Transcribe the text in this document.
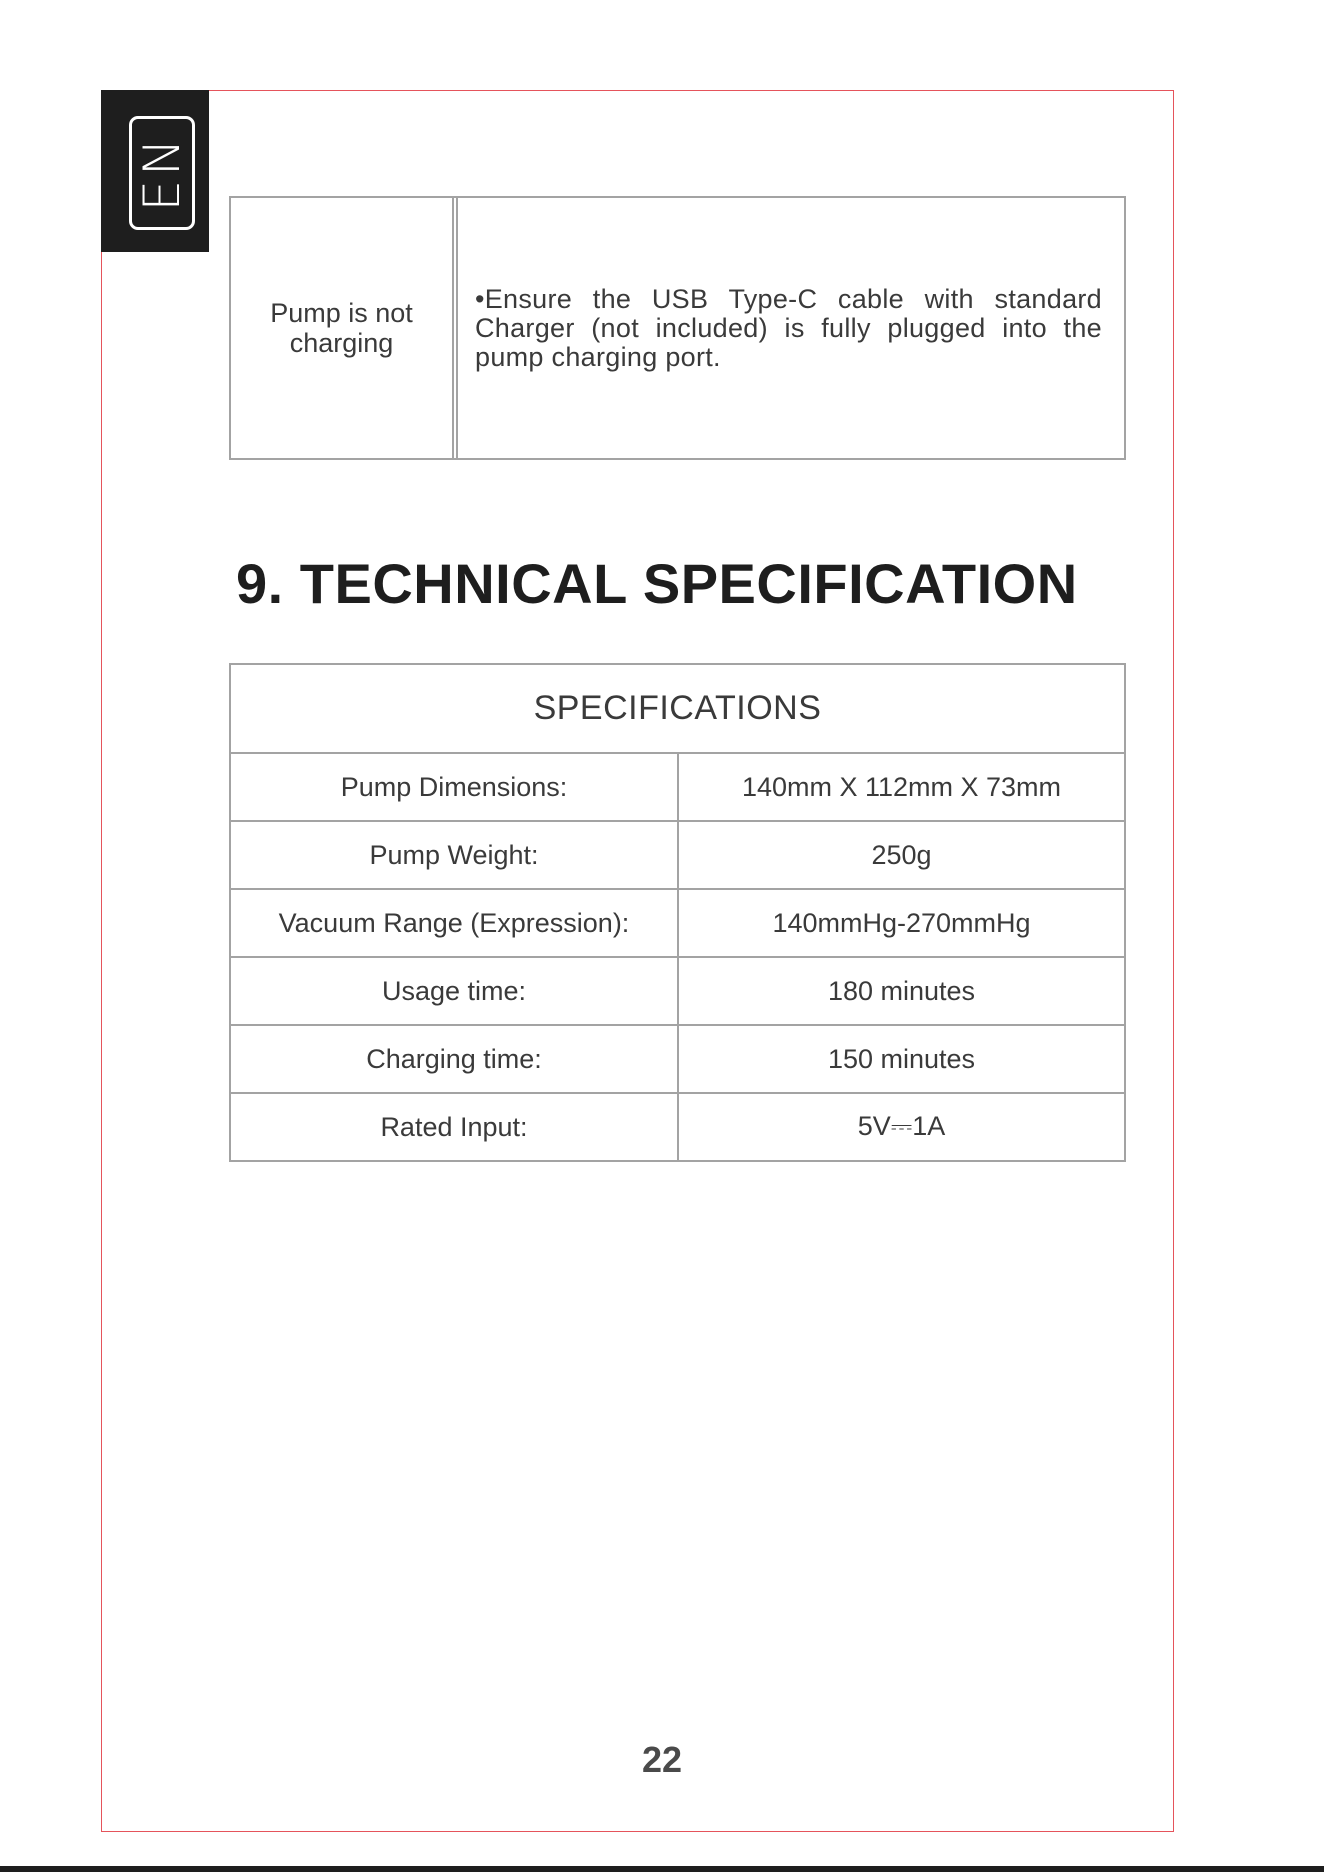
EN
Pump is not charging
•Ensure the USB Type-C cable with standard Charger (not included) is fully plugged into the pump charging port.
9. TECHNICAL SPECIFICATION
SPECIFICATIONS
Pump Dimensions:	140mm X 112mm X 73mm
Pump Weight:	250g
Vacuum Range (Expression):	140mmHg-270mmHg
Usage time:	180 minutes
Charging time:	150 minutes
Rated Input:	5V⎓1A
22
